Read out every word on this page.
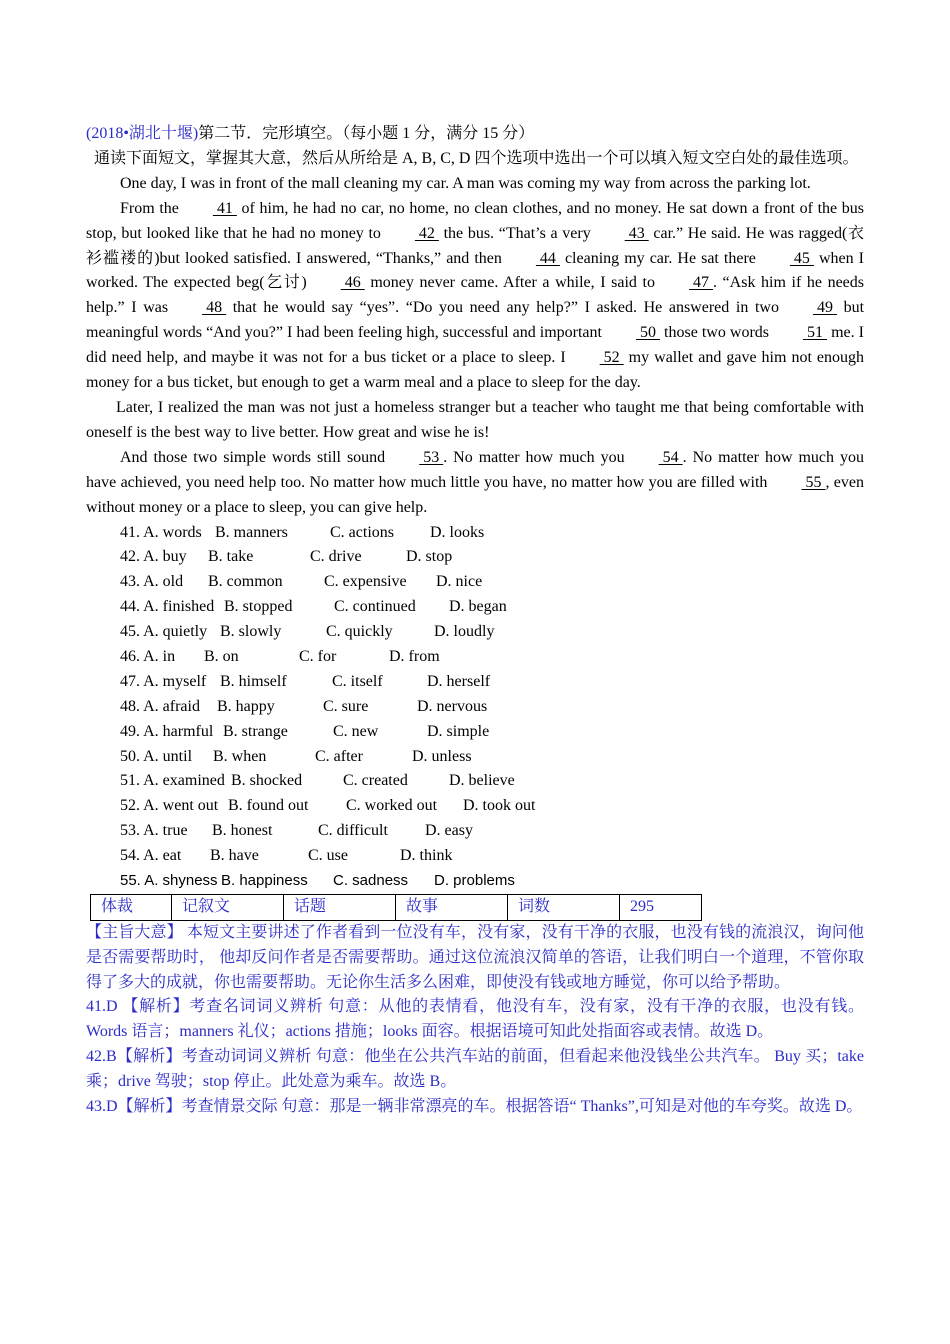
(2018•湖北十堰)第二节．完形填空。（每小题 1 分，满分 15 分）

通读下面短文，掌握其大意，然后从所给是 A, B, C, D 四个选项中选出一个可以填入短文空白处的最佳选项。

One day, I was in front of the mall cleaning my car. A man was coming my way from across the parking lot.

From the 41  of him, he had no car, no home, no clean clothes, and no money. He sat down a front of the bus stop, but looked like that he had no money to 42  the bus. “That’s a very 43  car.” He said. He was ragged(衣衫褴褛的)but looked satisfied. I answered, “Thanks,” and then 44  cleaning my car. He sat there 45  when I worked. The expected beg(乞讨) 46  money never came. After a while, I said to 47 . “Ask him if he needs help.” I was 48  that he would say “yes”. “Do you need any help?” I asked. He answered in two 49  but meaningful words “And you?” I had been feeling high, successful and important 50  those two words 51  me. I did need help, and maybe it was not for a bus ticket or a place to sleep. I 52  my wallet and gave him not enough money for a bus ticket, but enough to get a warm meal and a place to sleep for the day.

Later, I realized the man was not just a homeless stranger but a teacher who taught me that being comfortable with oneself is the best way to live better. How great and wise he is!

And those two simple words still sound 53 . No matter how much you 54 . No matter how much you have achieved, you need help too. No matter how much little you have, no matter how you are filled with 55 , even without money or a place to sleep, you can give help.

41. A. words B. manners	C. actions	D. looks
42. A. buy	B. take	C. drive	D. stop
43. A. old	B. common	C. expensive	D. nice
44. A. finished B. stopped	C. continued	D. began
45. A. quietly B. slowly	C. quickly	D. loudly
46. A. in	B. on	C. for	D. from
47. A. myself B. himself	C. itself	D. herself
48. A. afraid	B. happy	C. sure	D. nervous
49. A. harmful B. strange	C. new	D. simple
50. A. until	B. when	C. after	D. unless
51. A. examined B. shocked	C. created	D. believe
52. A. went out B. found out	C. worked out	D. took out
53. A. true	B. honest	C. difficult	D. easy
54. A. eat	B. have	C. use	D. think
55. A. shyness B. happiness	C. sadness	D. problems
体裁	记叙文	话题	故事	词数	295

【主旨大意】 本短文主要讲述了作者看到一位没有车，没有家，没有干净的衣服，也没有钱的流浪汉，询问他是否需要帮助时， 他却反问作者是否需要帮助。通过这位流浪汉简单的答语，让我们明白一个道理，不管你取得了多大的成就，你也需要帮助。无论你生活多么困难，即使没有钱或地方睡觉，你可以给予帮助。

41.D 【解析】考查名词词义辨析 句意：从他的表情看，他没有车，没有家，没有干净的衣服，也没有钱。Words 语言；manners 礼仪；actions 措施；looks 面容。根据语境可知此处指面容或表情。故选 D。

42.B【解析】考查动词词义辨析 句意：他坐在公共汽车站的前面，但看起来他没钱坐公共汽车。 Buy 买；take 乘；drive 驾驶；stop 停止。此处意为乘车。故选 B。

43.D【解析】考查情景交际 句意：那是一辆非常漂亮的车。根据答语“ Thanks”,可知是对他的车夸奖。故选 D。
